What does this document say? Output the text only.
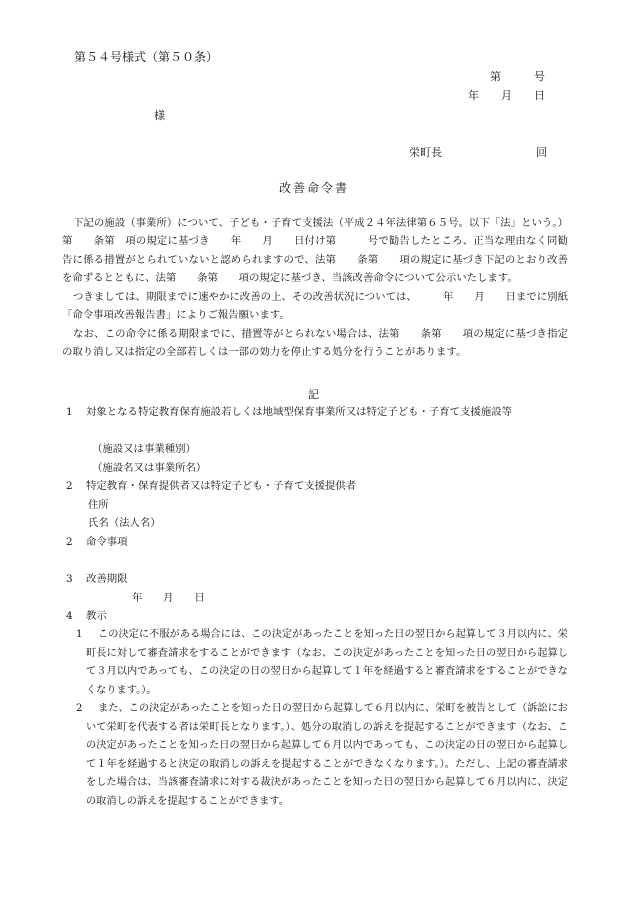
第５４号様式（第５０条）

第　　　号

年　　月　　日

様

栄町長	回

改善命令書

下記の施設（事業所）について、子ども・子育て支援法（平成２４年法律第６５号。以下「法」という。）第　　条第　項の規定に基づき　　年　　月　　日付け第　　　号で勧告したところ、正当な理由なく同勧告に係る措置がとられていないと認められますので、法第　　条第　　項の規定に基づき下記のとおり改善を命ずるとともに、法第　　条第　　項の規定に基づき、当該改善命令について公示いたします。

つきましては、期限までに速やかに改善の上、その改善状況については、　　　年　　月　　日までに別紙「命令事項改善報告書」によりご報告願います。

なお、この命令に係る期限までに、措置等がとられない場合は、法第　　条第　　項の規定に基づき指定の取り消し又は指定の全部若しくは一部の効力を停止する処分を行うことがあります。

記

1	対象となる特定教育保育施設若しくは地域型保育事業所又は特定子ども・子育て支援施設等

（施設又は事業種別）

（施設名又は事業所名）

2 特定教育・保育提供者又は特定子ども・子育て支援提供者

住所

氏名（法人名）

2 命令事項

3 改善期限

年　　月　　日

4 教示

1 この決定に不服がある場合には、この決定があったことを知った日の翌日から起算して３月以内に、栄町長に対して審査請求をすることができます（なお、この決定があったことを知った日の翌日から起算して３月以内であっても、この決定の日の翌日から起算して１年を経過すると審査請求をすることができなくなります。）。
2 また、この決定があったことを知った日の翌日から起算して６月以内に、栄町を被告として（訴訟において栄町を代表する者は栄町長となります。）、処分の取消しの訴えを提起することができます（なお、この決定があったことを知った日の翌日から起算して６月以内であっても、この決定の日の翌日から起算して１年を経過すると決定の取消しの訴えを提起することができなくなります。）。ただし、上記の審査請求をした場合は、当該審査請求に対する裁決があったことを知った日の翌日から起算して６月以内に、決定の取消しの訴えを提起することができます。
